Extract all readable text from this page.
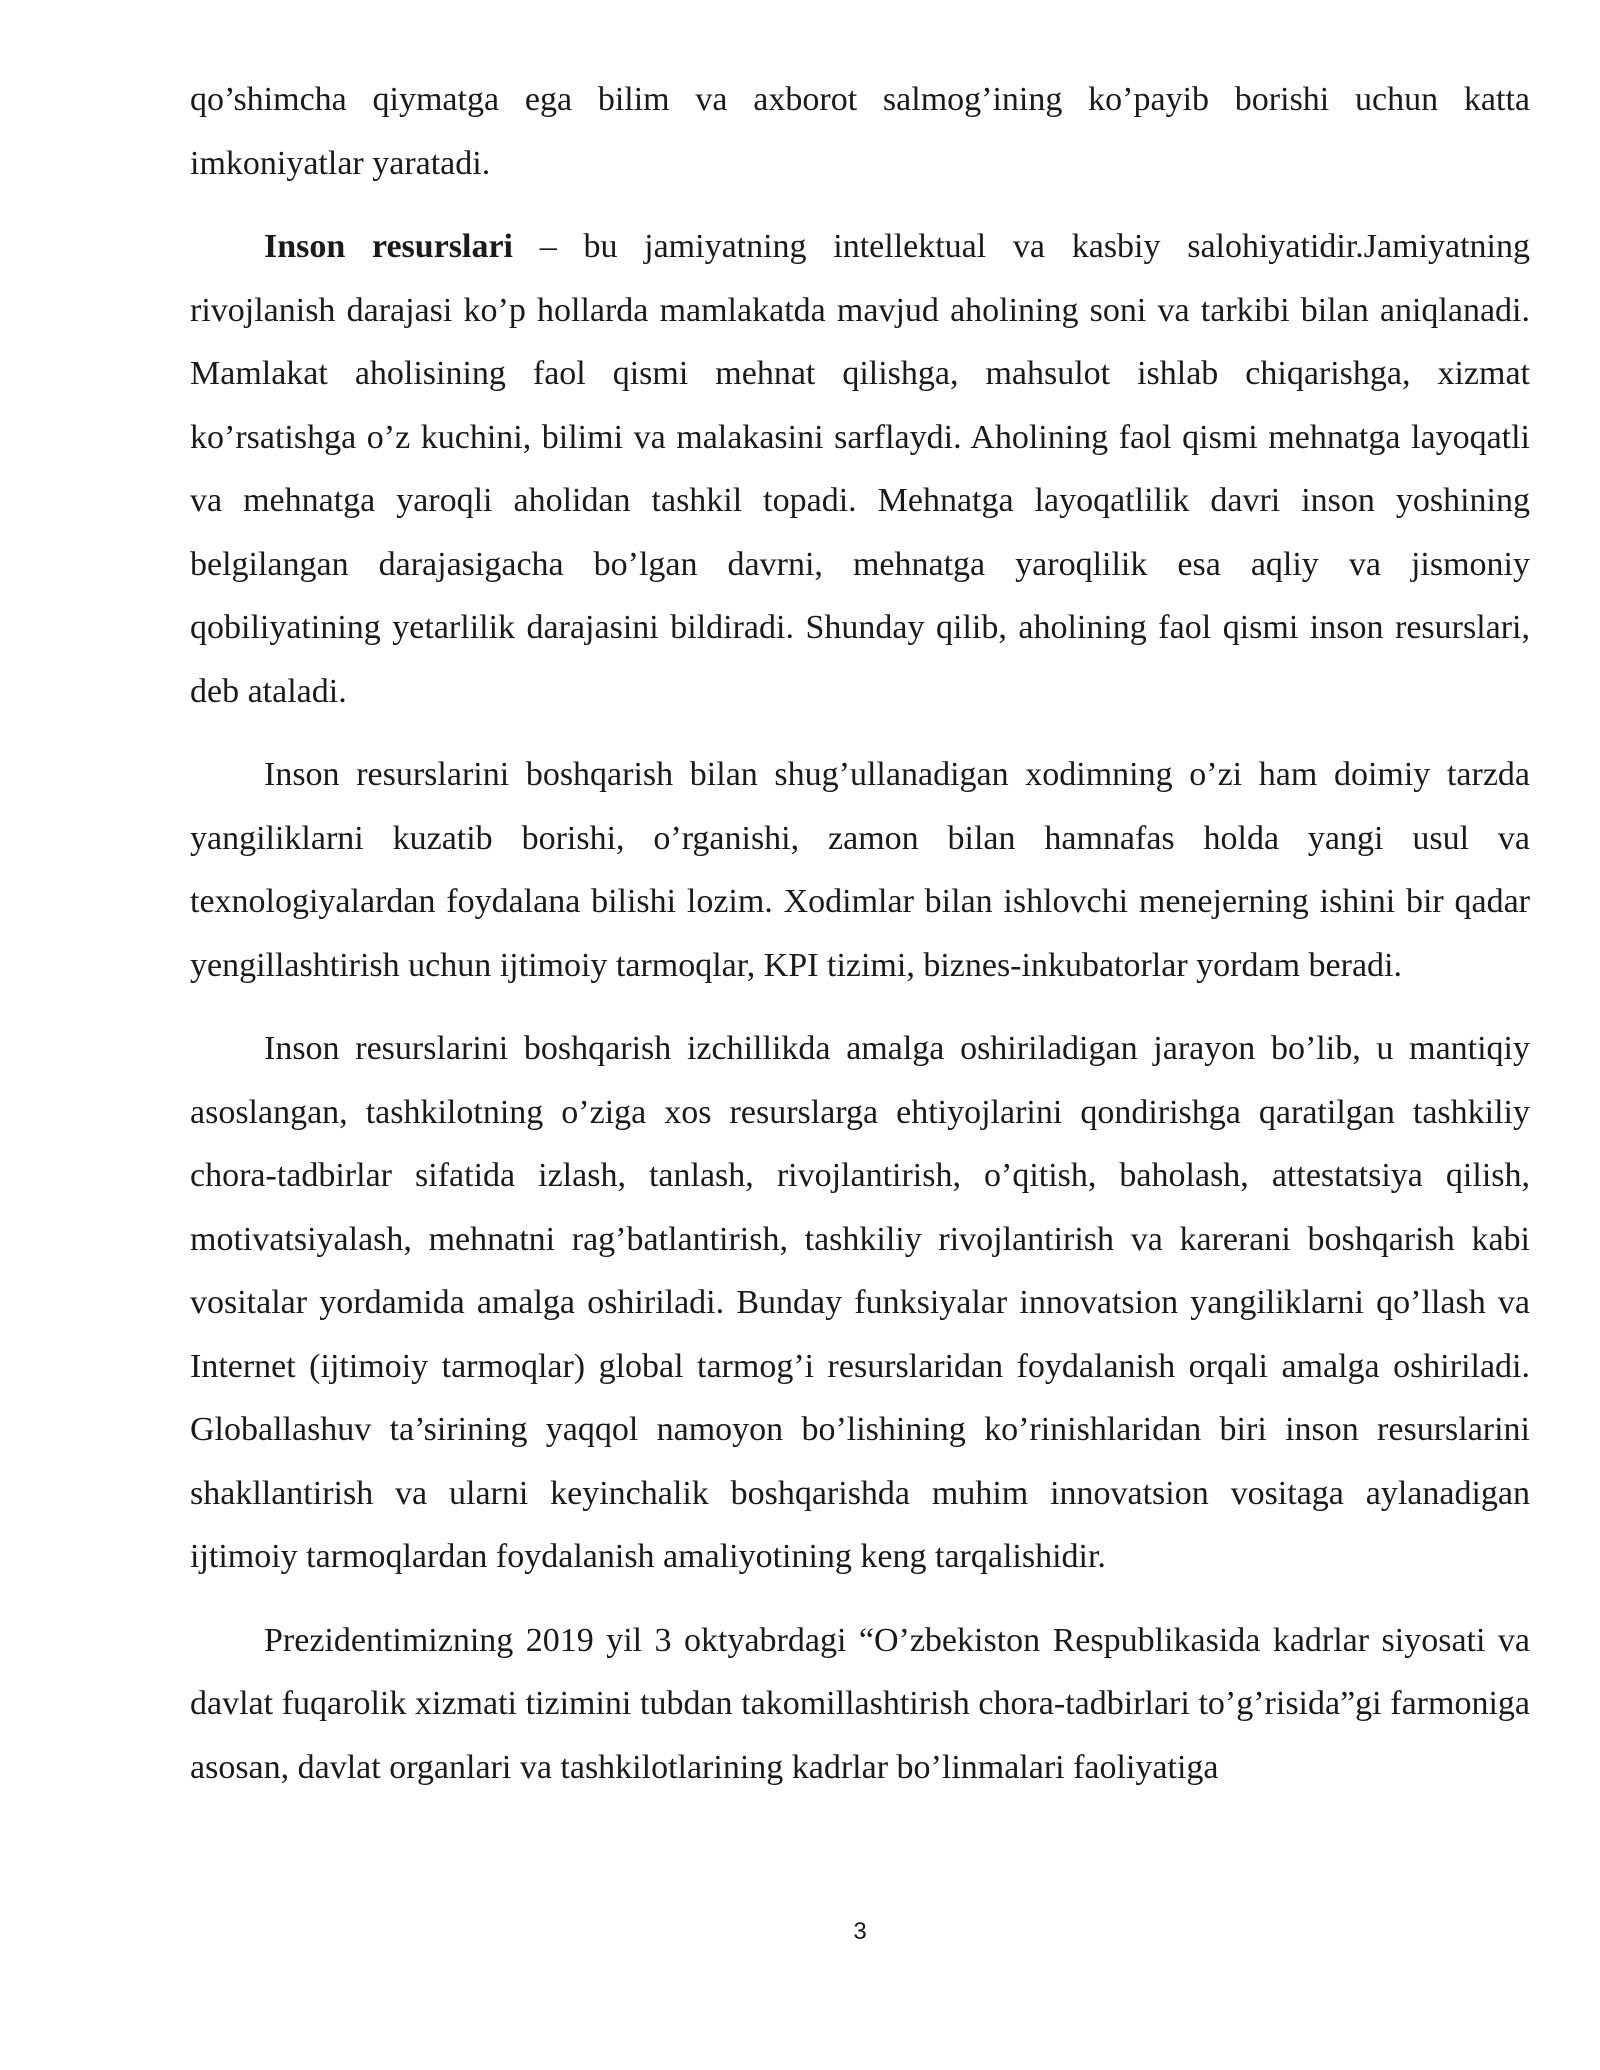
qo’shimcha qiymatga ega bilim va axborot salmog’ining ko’payib borishi uchun katta imkoniyatlar yaratadi.

Inson resurslari – bu jamiyatning intellektual va kasbiy salohiyatidir.Jamiyatning rivojlanish darajasi ko’p hollarda mamlakatda mavjud aholining soni va tarkibi bilan aniqlanadi. Mamlakat aholisining faol qismi mehnat qilishga, mahsulot ishlab chiqarishga, xizmat ko’rsatishga o’z kuchini, bilimi va malakasini sarflaydi. Aholining faol qismi mehnatga layoqatli va mehnatga yaroqli aholidan tashkil topadi. Mehnatga layoqatlilik davri inson yoshining belgilangan darajasigacha bo’lgan davrni, mehnatga yaroqlilik esa aqliy va jismoniy qobiliyatining yetarlilik darajasini bildiradi. Shunday qilib, aholining faol qismi inson resurslari, deb ataladi.

Inson resurslarini boshqarish bilan shug’ullanadigan xodimning o’zi ham doimiy tarzda yangiliklarni kuzatib borishi, o’rganishi, zamon bilan hamnafas holda yangi usul va texnologiyalardan foydalana bilishi lozim. Xodimlar bilan ishlovchi menejerning ishini bir qadar yengillashtirish uchun ijtimoiy tarmoqlar, KPI tizimi, biznes-inkubatorlar yordam beradi.

Inson resurslarini boshqarish izchillikda amalga oshiriladigan jarayon bo’lib, u mantiqiy asoslangan, tashkilotning o’ziga xos resurslarga ehtiyojlarini qondirishga qaratilgan tashkiliy chora-tadbirlar sifatida izlash, tanlash, rivojlantirish, o’qitish, baholash, attestatsiya qilish, motivatsiyalash, mehnatni rag’batlantirish, tashkiliy rivojlantirish va karerani boshqarish kabi vositalar yordamida amalga oshiriladi. Bunday funksiyalar innovatsion yangiliklarni qo’llash va Internet (ijtimoiy tarmoqlar) global tarmog’i resurslaridan foydalanish orqali amalga oshiriladi. Globallashuv ta’sirining yaqqol namoyon bo’lishining ko’rinishlaridan biri inson resurslarini shakllantirish va ularni keyinchalik boshqarishda muhim innovatsion vositaga aylanadigan ijtimoiy tarmoqlardan foydalanish amaliyotining keng tarqalishidir.

Prezidentimizning 2019 yil 3 oktyabrdagi “O’zbekiston Respublikasida kadrlar siyosati va davlat fuqarolik xizmati tizimini tubdan takomillashtirish chora-tadbirlari to’g’risida”gi farmoniga asosan, davlat organlari va tashkilotlarining kadrlar bo’linmalari faoliyatiga

3
